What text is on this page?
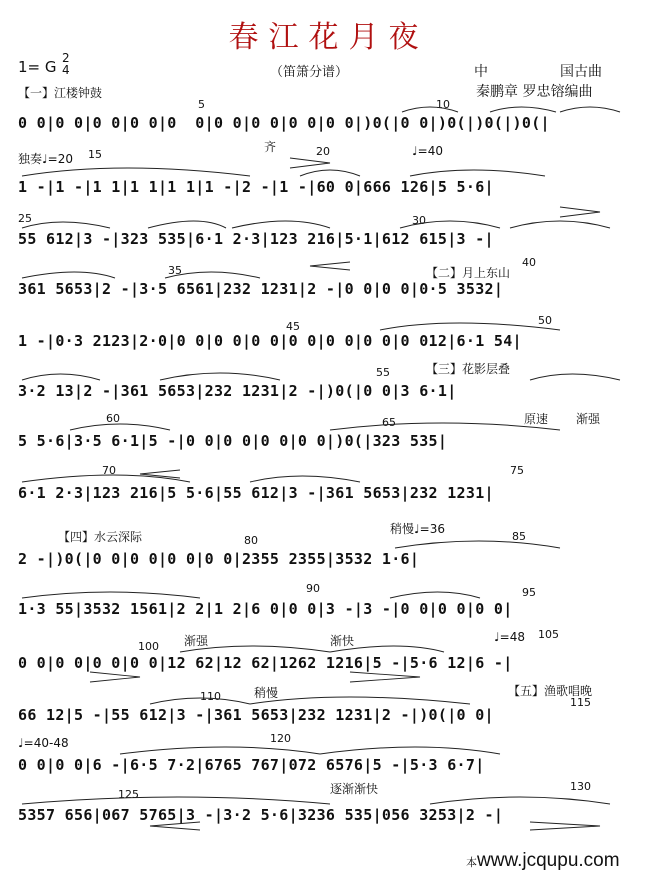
春江花月夜
1= G 2
4	（笛箫分谱）	中	国古曲
秦鹏章 罗忠镕编曲
【一】江楼钟鼓
【二】月上东山
【三】花影层叠
【四】水云深际
【五】渔歌唱晚
独奏♩=20
齐	♩=40
原速 渐强
稍慢♩=36
♩=48
渐强	渐快
稍慢
♩=40-48
逐渐渐快
5	10
15	20
25	30
35
40
45	50
55
60	65
70	75
80	85
90	95
100
105
110	115
120
125
130
0 0|0 0|0 0|0 0|0  0|0 0|0 0|0 0|0 0|)0(|0 0|)0(|)0(|)0(|
1 -|1 -|1 1|1 1|1 1|1 -|2 -|1 -|60 0|666 126|5 5·6|
55 612|3 -|323 535|6·1 2·3|123 216|5·1|612 615|3 -|
361 5653|2 -|3·5 6561|232 1231|2 -|0 0|0 0|0·5 3532|
1 -|0·3 2123|2·0|0 0|0 0|0 0|0 0|0 0|0 0|0 012|6·1 54|
3·2 13|2 -|361 5653|232 1231|2 -|)0(|0 0|3 6·1|
5 5·6|3·5 6·1|5 -|0 0|0 0|0 0|0 0|)0(|323 535|
6·1 2·3|123 216|5 5·6|55 612|3 -|361 5653|232 1231|
2 -|)0(|0 0|0 0|0 0|0 0|2355 2355|3532 1·6|
1·3 55|3532 1561|2 2|1 2|6 0|0 0|3 -|3 -|0 0|0 0|0 0|
0 0|0 0|0 0|0 0|12 62|12 62|1262 1216|5 -|5·6 12|6 -|
66 12|5 -|55 612|3 -|361 5653|232 1231|2 -|)0(|0 0|
0 0|0 0|6 -|6·5 7·2|6765 767|072 6576|5 -|5·3 6·7|
5357 656|067 5765|3 -|3·2 5·6|3236 535|056 3253|2 -|
本www.jcqupu.com
